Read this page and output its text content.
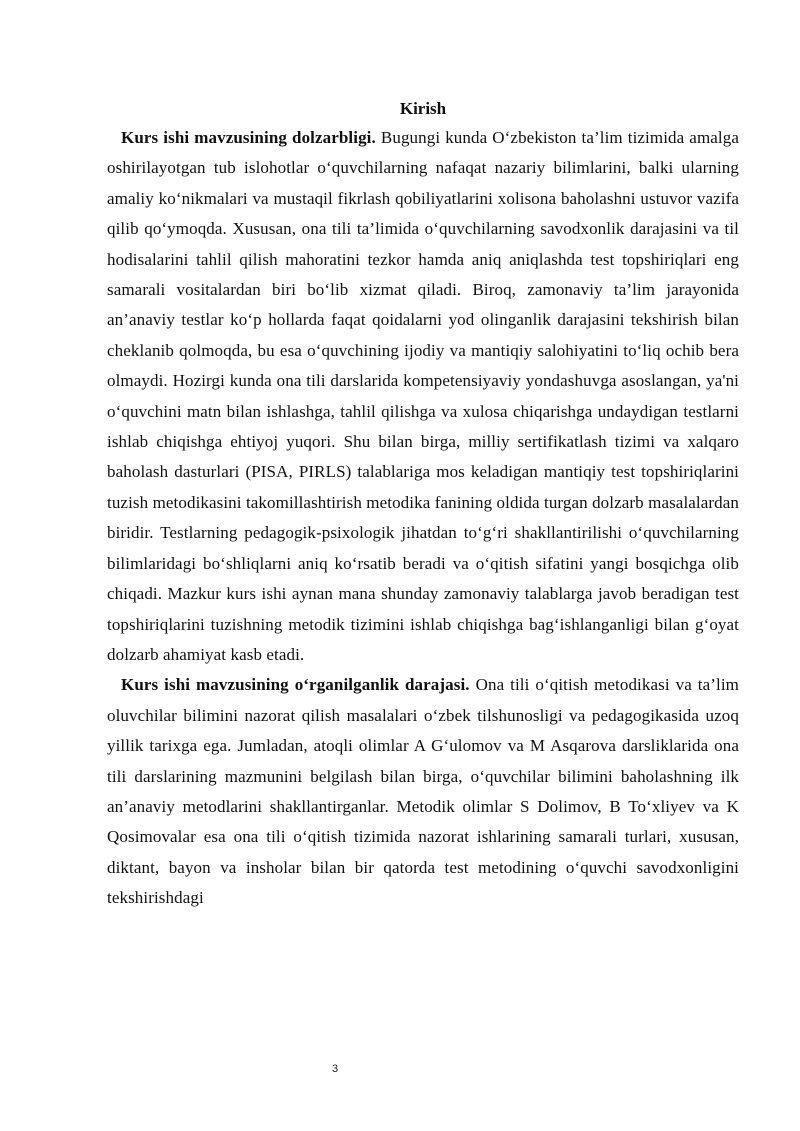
Kirish

Kurs ishi mavzusining dolzarbligi. Bugungi kunda O‘zbekiston ta’lim tizimida amalga oshirilayotgan tub islohotlar o‘quvchilarning nafaqat nazariy bilimlarini, balki ularning amaliy ko‘nikmalari va mustaqil fikrlash qobiliyatlarini xolisona baholashni ustuvor vazifa qilib qo‘ymoqda. Xususan, ona tili ta’limida o‘quvchilarning savodxonlik darajasini va til hodisalarini tahlil qilish mahoratini tezkor hamda aniq aniqlashda test topshiriqlari eng samarali vositalardan biri bo‘lib xizmat qiladi. Biroq, zamonaviy ta’lim jarayonida an’anaviy testlar ko‘p hollarda faqat qoidalarni yod olinganlik darajasini tekshirish bilan cheklanib qolmoqda, bu esa o‘quvchining ijodiy va mantiqiy salohiyatini to‘liq ochib bera olmaydi. Hozirgi kunda ona tili darslarida kompetensiyaviy yondashuvga asoslangan, ya'ni o‘quvchini matn bilan ishlashga, tahlil qilishga va xulosa chiqarishga undaydigan testlarni ishlab chiqishga ehtiyoj yuqori. Shu bilan birga, milliy sertifikatlash tizimi va xalqaro baholash dasturlari (PISA, PIRLS) talablariga mos keladigan mantiqiy test topshiriqlarini tuzish metodikasini takomillashtirish metodika fanining oldida turgan dolzarb masalalardan biridir. Testlarning pedagogik-psixologik jihatdan to‘g‘ri shakllantirilishi o‘quvchilarning bilimlaridagi bo‘shliqlarni aniq ko‘rsatib beradi va o‘qitish sifatini yangi bosqichga olib chiqadi. Mazkur kurs ishi aynan mana shunday zamonaviy talablarga javob beradigan test topshiriqlarini tuzishning metodik tizimini ishlab chiqishga bag‘ishlanganligi bilan g‘oyat dolzarb ahamiyat kasb etadi.

Kurs ishi mavzusining o‘rganilganlik darajasi. Ona tili o‘qitish metodikasi va ta’lim oluvchilar bilimini nazorat qilish masalalari o‘zbek tilshunosligi va pedagogikasida uzoq yillik tarixga ega. Jumladan, atoqli olimlar A G‘ulomov va M Asqarova darsliklarida ona tili darslarining mazmunini belgilash bilan birga, o‘quvchilar bilimini baholashning ilk an’anaviy metodlarini shakllantirganlar. Metodik olimlar S Dolimov, B To‘xliyev va K Qosimovalar esa ona tili o‘qitish tizimida nazorat ishlarining samarali turlari, xususan, diktant, bayon va insholar bilan bir qatorda test metodining o‘quvchi savodxonligini tekshirishdagi

3
